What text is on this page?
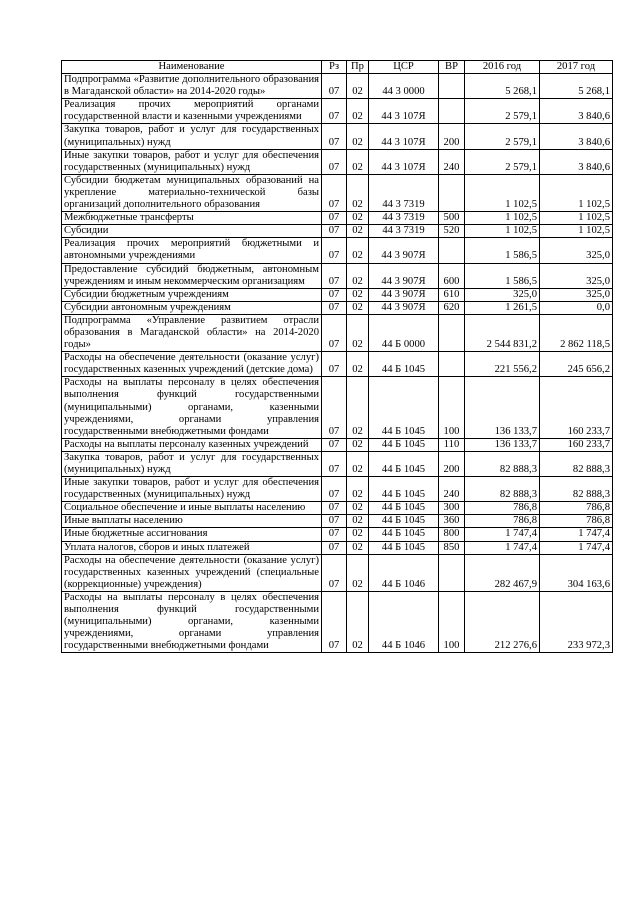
Наименование	Рз	Пр	ЦСР	ВР	2016 год	2017 год
Подпрограмма «Развитие дополнительного образования в Магаданской области» на 2014-2020 годы»	07	02	44 3 0000		5 268,1	5 268,1
Реализация прочих мероприятий органами государственной власти и казенными учреждениями	07	02	44 3 107Я		2 579,1	3 840,6
Закупка товаров, работ и услуг для государственных (муниципальных) нужд	07	02	44 3 107Я	200	2 579,1	3 840,6
Иные закупки товаров, работ и услуг для обеспечения государственных (муниципальных) нужд	07	02	44 3 107Я	240	2 579,1	3 840,6
Субсидии бюджетам муниципальных образований на укрепление материально-технической базы организаций дополнительного образования	07	02	44 3 7319		1 102,5	1 102,5
Межбюджетные трансферты	07	02	44 3 7319	500	1 102,5	1 102,5
Субсидии	07	02	44 3 7319	520	1 102,5	1 102,5
Реализация прочих мероприятий бюджетными и автономными учреждениями	07	02	44 3 907Я		1 586,5	325,0
Предоставление субсидий бюджетным, автономным учреждениям и иным некоммерческим организациям	07	02	44 3 907Я	600	1 586,5	325,0
Субсидии бюджетным учреждениям	07	02	44 3 907Я	610	325,0	325,0
Субсидии автономным учреждениям	07	02	44 3 907Я	620	1 261,5	0,0
Подпрограмма «Управление развитием отрасли образования в Магаданской области» на 2014-2020 годы»	07	02	44 Б 0000		2 544 831,2	2 862 118,5
Расходы на обеспечение деятельности (оказание услуг) государственных казенных учреждений (детские дома)	07	02	44 Б 1045		221 556,2	245 656,2
Расходы на выплаты персоналу в целях обеспечения выполнения функций государственными (муниципальными) органами, казенными учреждениями, органами управления государственными внебюджетными фондами	07	02	44 Б 1045	100	136 133,7	160 233,7
Расходы на выплаты персоналу казенных учреждений	07	02	44 Б 1045	110	136 133,7	160 233,7
Закупка товаров, работ и услуг для государственных (муниципальных) нужд	07	02	44 Б 1045	200	82 888,3	82 888,3
Иные закупки товаров, работ и услуг для обеспечения государственных (муниципальных) нужд	07	02	44 Б 1045	240	82 888,3	82 888,3
Социальное обеспечение и иные выплаты населению	07	02	44 Б 1045	300	786,8	786,8
Иные выплаты населению	07	02	44 Б 1045	360	786,8	786,8
Иные бюджетные ассигнования	07	02	44 Б 1045	800	1 747,4	1 747,4
Уплата налогов, сборов и иных платежей	07	02	44 Б 1045	850	1 747,4	1 747,4
Расходы на обеспечение деятельности (оказание услуг) государственных казенных учреждений (специальные (коррекционные) учреждения)	07	02	44 Б 1046		282 467,9	304 163,6
Расходы на выплаты персоналу в целях обеспечения выполнения функций государственными (муниципальными) органами, казенными учреждениями, органами управления государственными внебюджетными фондами	07	02	44 Б 1046	100	212 276,6	233 972,3
